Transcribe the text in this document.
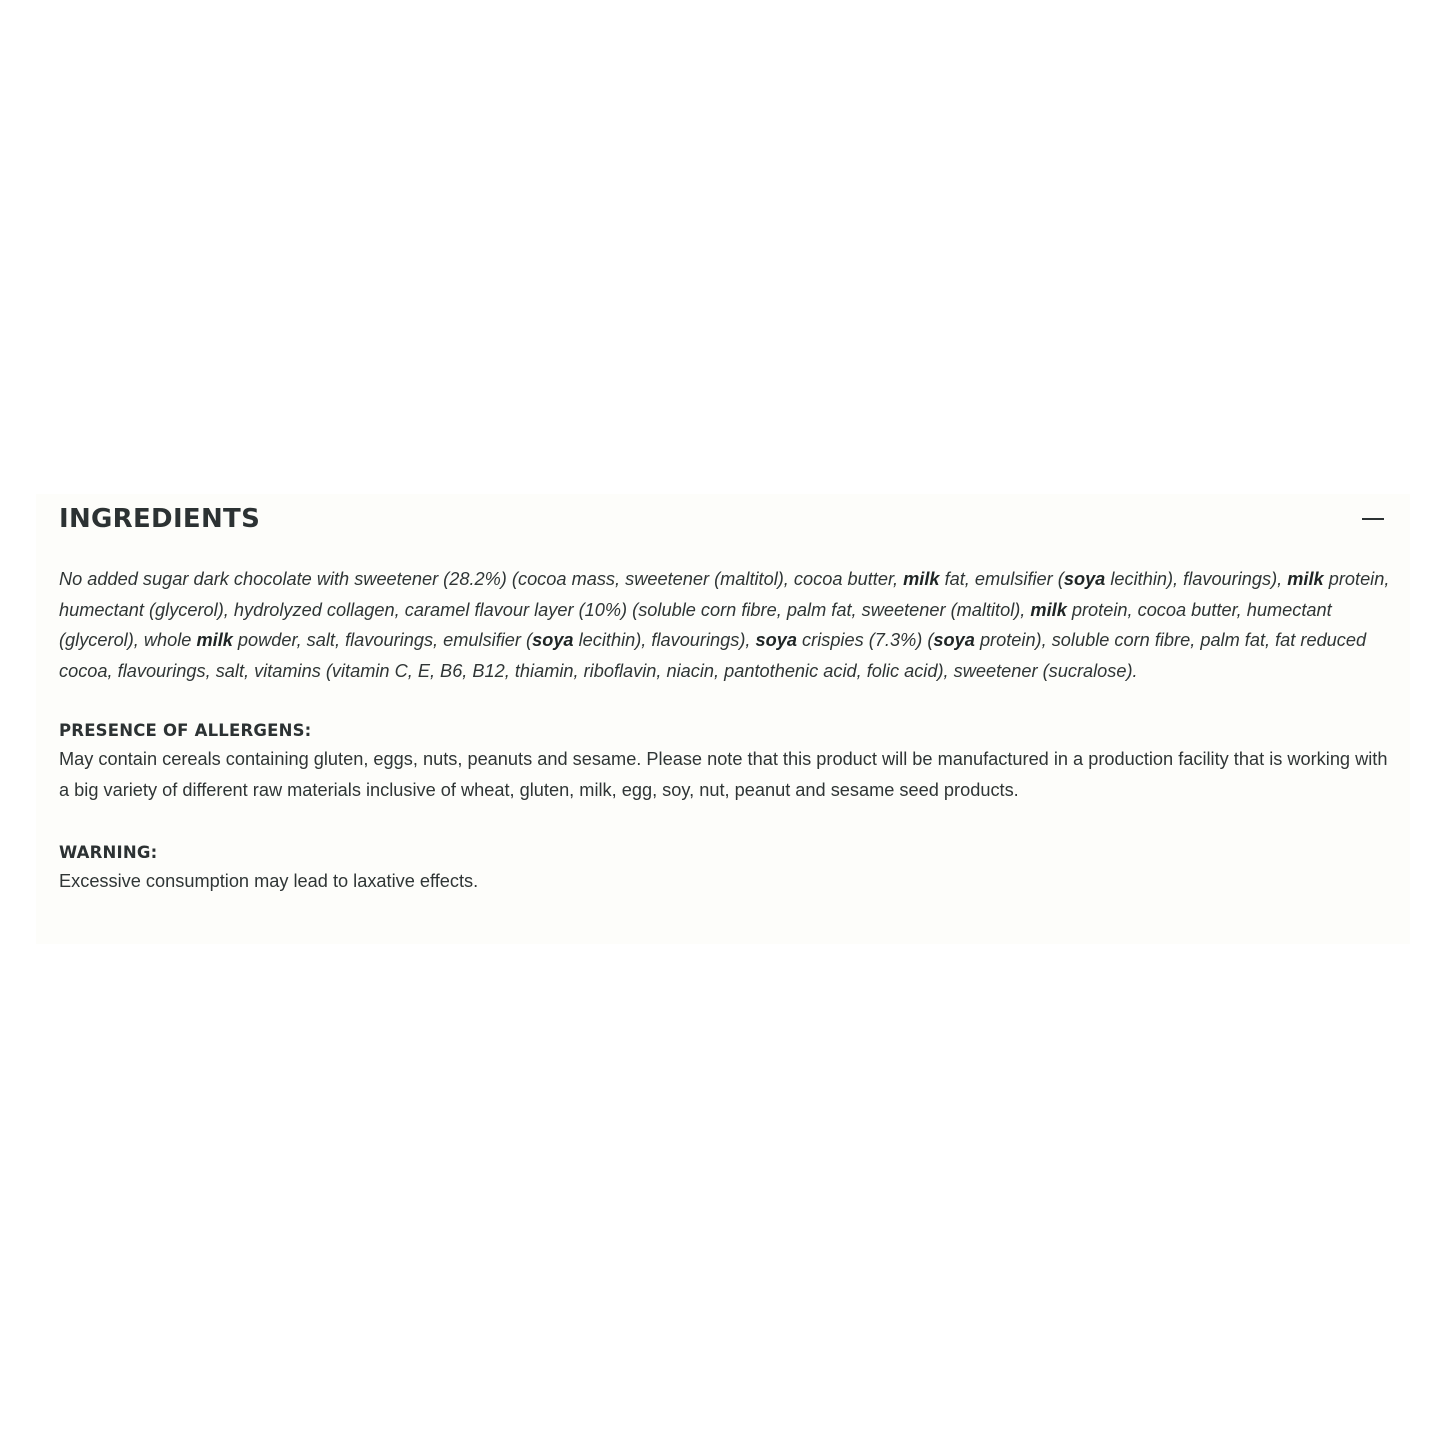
INGREDIENTS

No added sugar dark chocolate with sweetener (28.2%) (cocoa mass, sweetener (maltitol), cocoa butter, milk fat, emulsifier (soya lecithin), flavourings), milk protein, humectant (glycerol), hydrolyzed collagen, caramel flavour layer (10%) (soluble corn fibre, palm fat, sweetener (maltitol), milk protein, cocoa butter, humectant (glycerol), whole milk powder, salt, flavourings, emulsifier (soya lecithin), flavourings), soya crispies (7.3%) (soya protein), soluble corn fibre, palm fat, fat reduced cocoa, flavourings, salt, vitamins (vitamin C, E, B6, B12, thiamin, riboflavin, niacin, pantothenic acid, folic acid), sweetener (sucralose).

PRESENCE OF ALLERGENS:

May contain cereals containing gluten, eggs, nuts, peanuts and sesame. Please note that this product will be manufactured in a production facility that is working with a big variety of different raw materials inclusive of wheat, gluten, milk, egg, soy, nut, peanut and sesame seed products.

WARNING:

Excessive consumption may lead to laxative effects.
